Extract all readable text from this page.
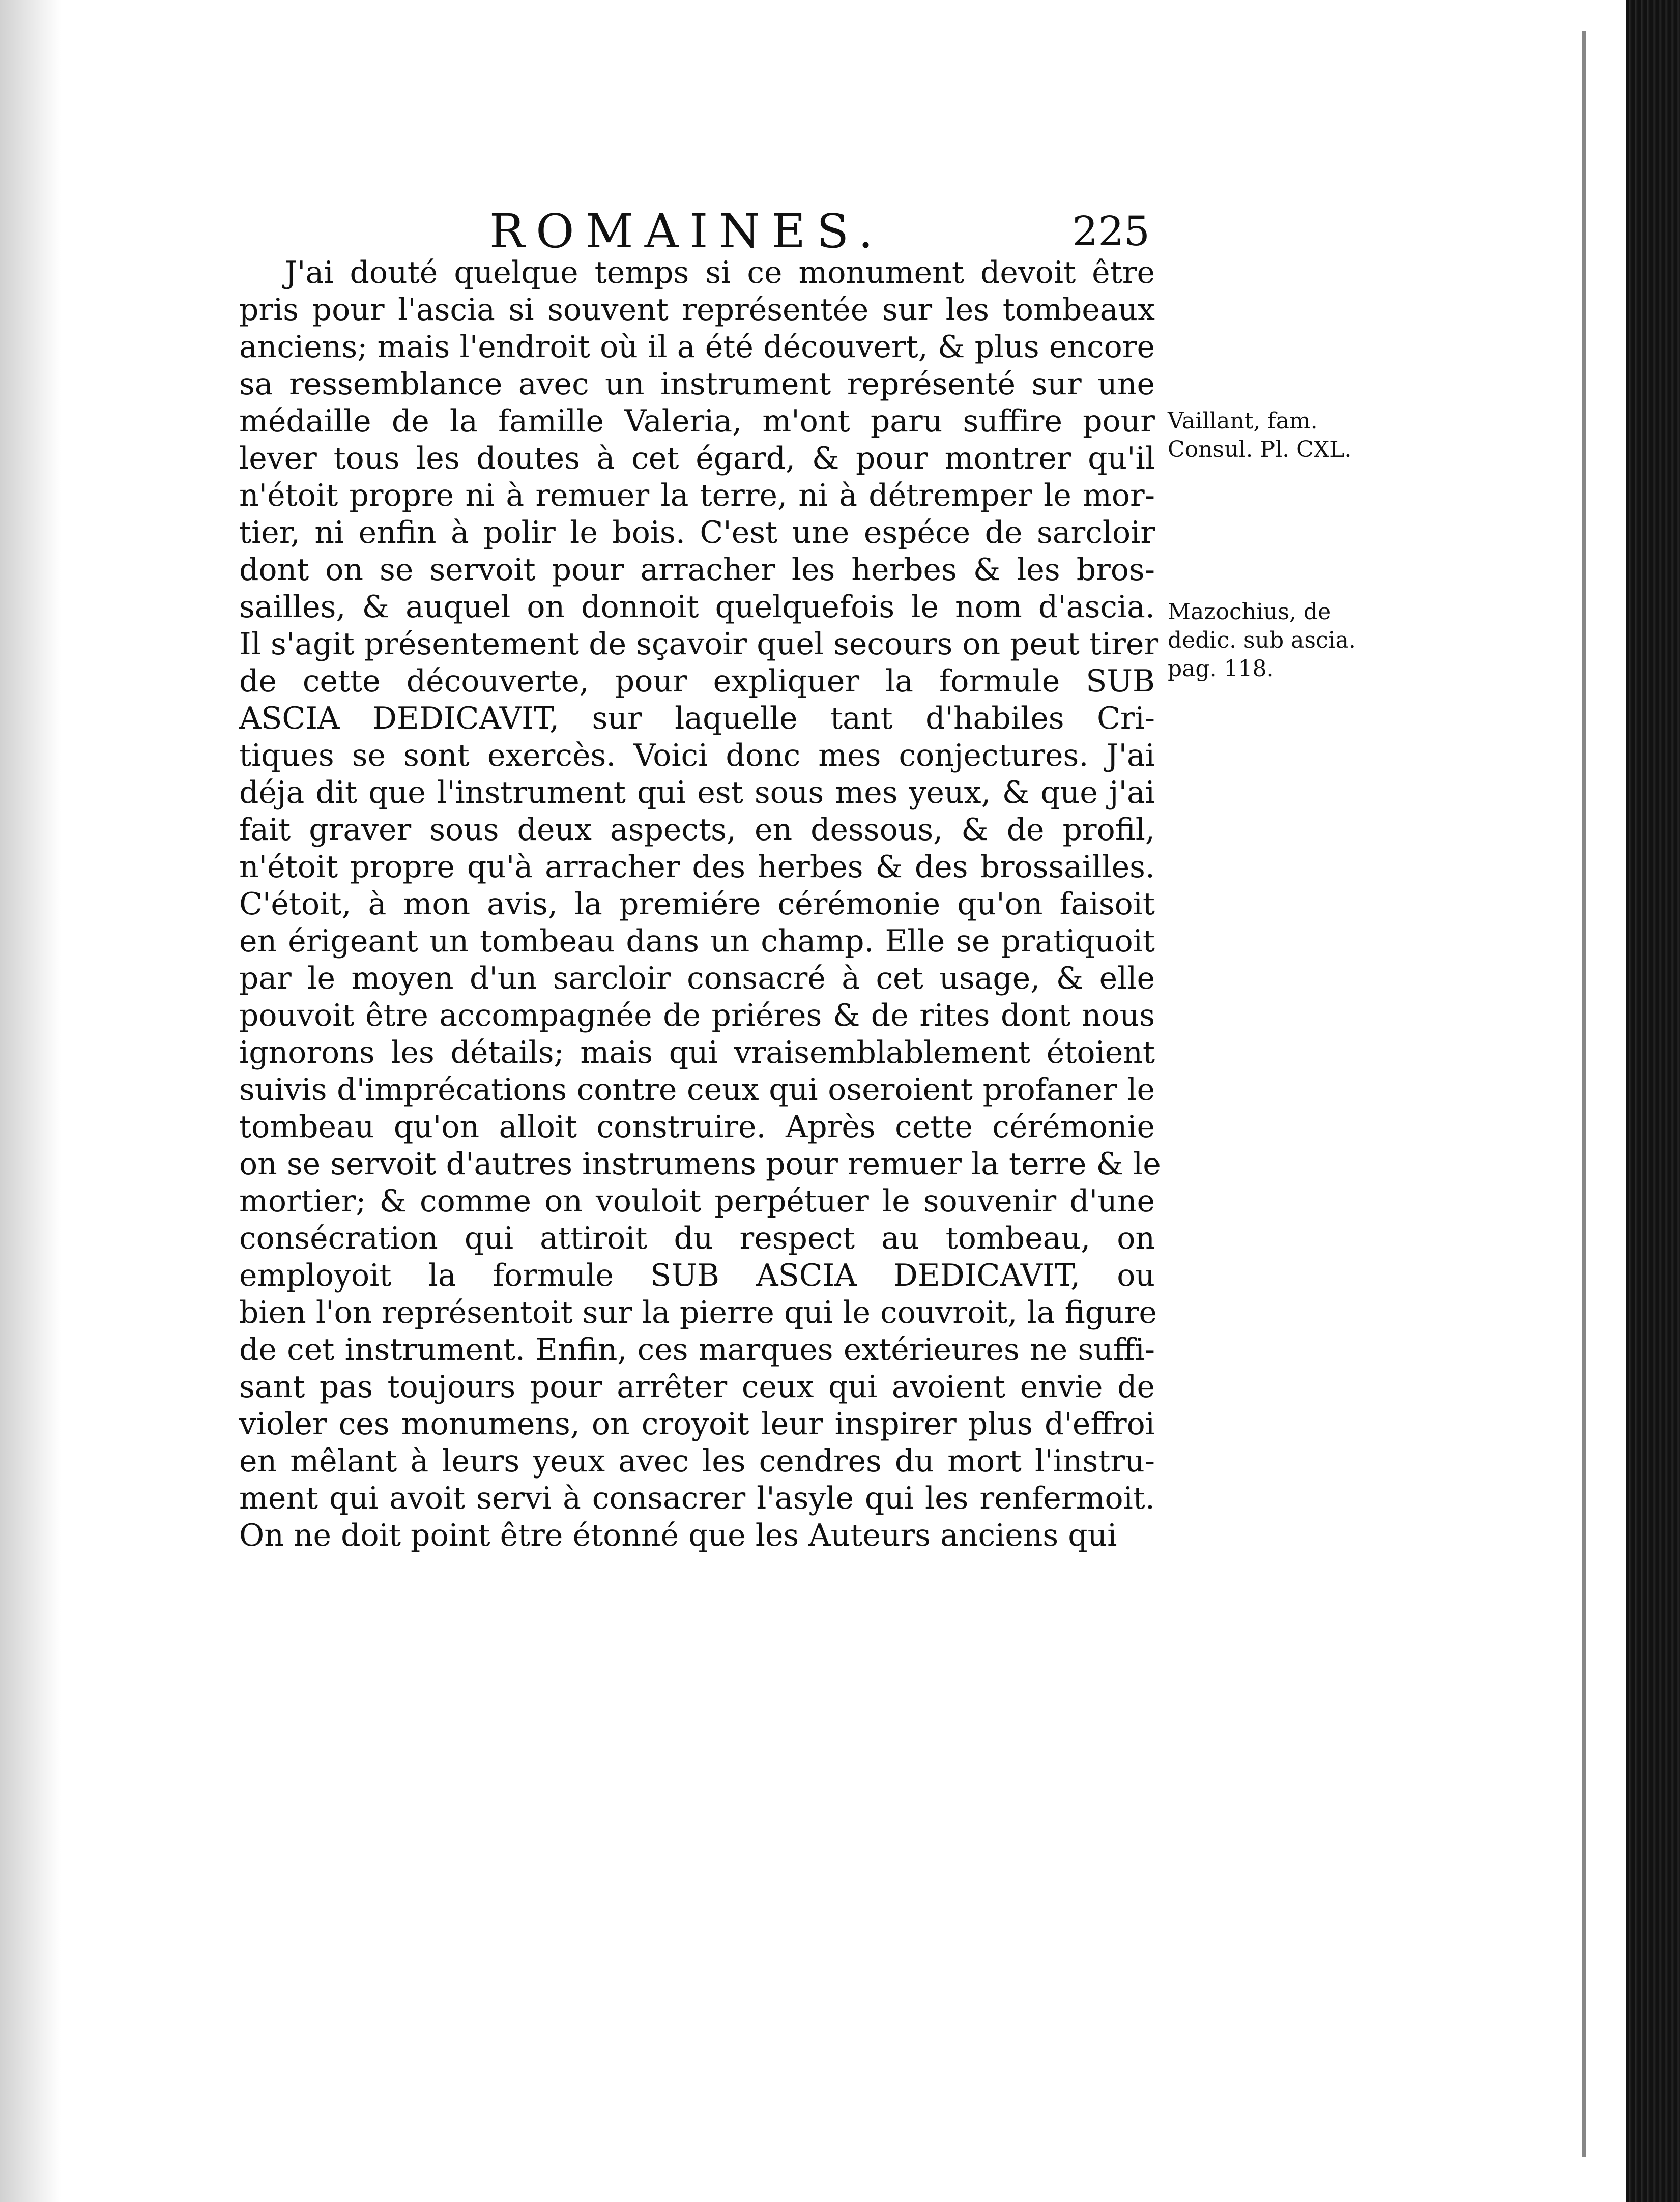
ROMAINES.	225
J'ai douté quelque temps si ce monument devoit être
pris pour l'ascia si souvent représentée sur les tombeaux
anciens; mais l'endroit où il a été découvert, & plus encore
sa ressemblance avec un instrument représenté sur une
médaille de la famille Valeria, m'ont paru suffire pour
lever tous les doutes à cet égard, & pour montrer qu'il
n'étoit propre ni à remuer la terre, ni à détremper le mor-
tier, ni enfin à polir le bois. C'est une espéce de sarcloir
dont on se servoit pour arracher les herbes & les bros-
sailles, & auquel on donnoit quelquefois le nom d'ascia.
Il s'agit présentement de sçavoir quel secours on peut tirer
de cette découverte, pour expliquer la formule SUB
ASCIA DEDICAVIT, sur laquelle tant d'habiles Cri-
tiques se sont exercès. Voici donc mes conjectures. J'ai
déja dit que l'instrument qui est sous mes yeux, & que j'ai
fait graver sous deux aspects, en dessous, & de profil,
n'étoit propre qu'à arracher des herbes & des brossailles.
C'étoit, à mon avis, la premiére cérémonie qu'on faisoit
en érigeant un tombeau dans un champ. Elle se pratiquoit
par le moyen d'un sarcloir consacré à cet usage, & elle
pouvoit être accompagnée de priéres & de rites dont nous
ignorons les détails; mais qui vraisemblablement étoient
suivis d'imprécations contre ceux qui oseroient profaner le
tombeau qu'on alloit construire. Après cette cérémonie
on se servoit d'autres instrumens pour remuer la terre & le
mortier; & comme on vouloit perpétuer le souvenir d'une
consécration qui attiroit du respect au tombeau, on
employoit la formule SUB ASCIA DEDICAVIT, ou
bien l'on représentoit sur la pierre qui le couvroit, la figure
de cet instrument. Enfin, ces marques extérieures ne suffi-
sant pas toujours pour arrêter ceux qui avoient envie de
violer ces monumens, on croyoit leur inspirer plus d'effroi
en mêlant à leurs yeux avec les cendres du mort l'instru-
ment qui avoit servi à consacrer l'asyle qui les renfermoit.
On ne doit point être étonné que les Auteurs anciens qui
Vaillant, fam.
Consul. Pl. CXL.
Mazochius, de
dedic. sub ascia.
pag. 118.
